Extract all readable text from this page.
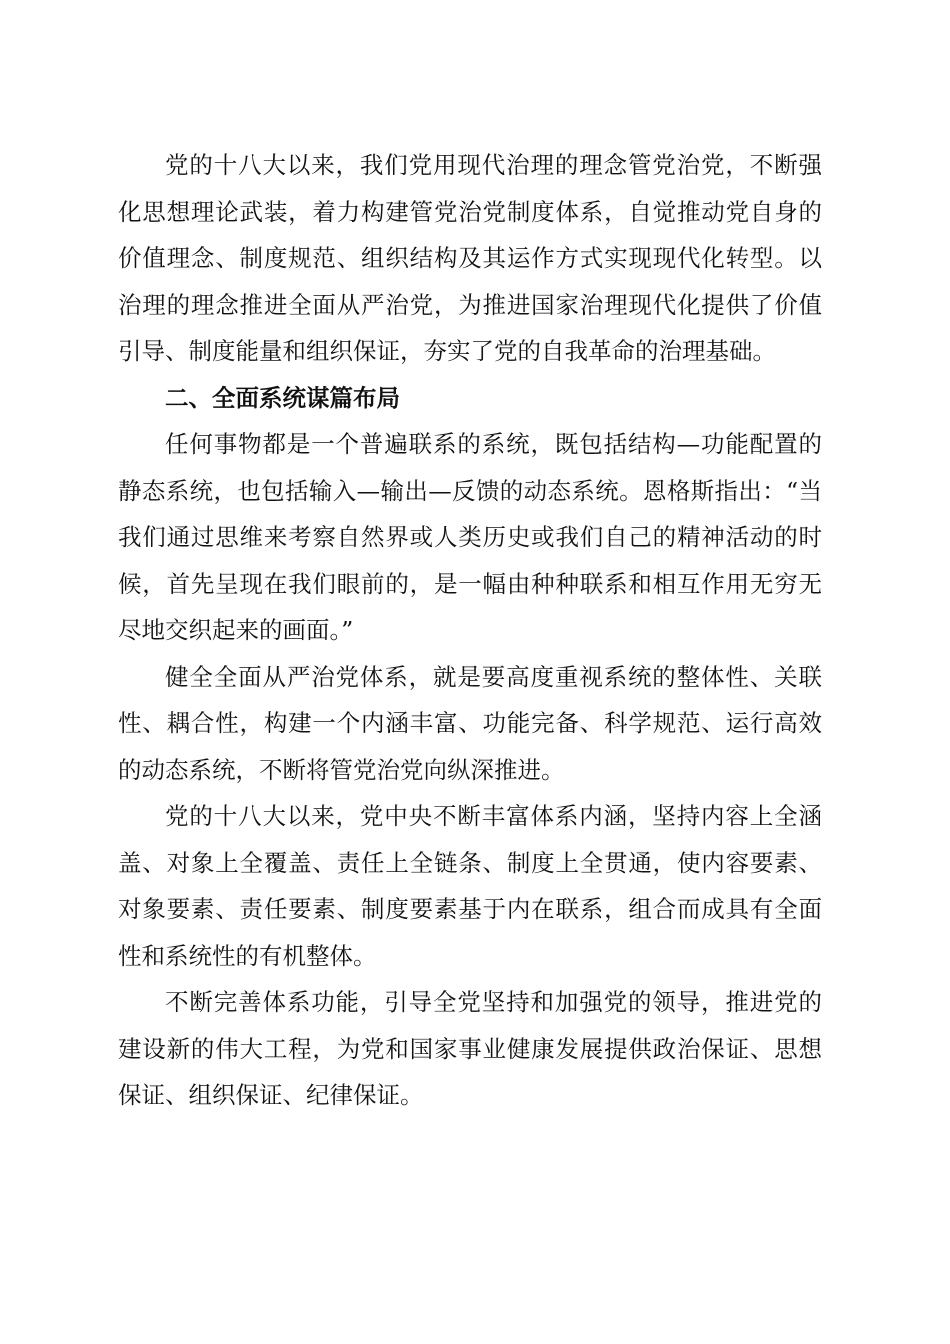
党的十八大以来，我们党用现代治理的理念管党治党，不断强化思想理论武装，着力构建管党治党制度体系，自觉推动党自身的价值理念、制度规范、组织结构及其运作方式实现现代化转型。以治理的理念推进全面从严治党，为推进国家治理现代化提供了价值引导、制度能量和组织保证，夯实了党的自我革命的治理基础。

二、全面系统谋篇布局

任何事物都是一个普遍联系的系统，既包括结构—功能配置的静态系统，也包括输入—输出—反馈的动态系统。恩格斯指出：“当我们通过思维来考察自然界或人类历史或我们自己的精神活动的时候，首先呈现在我们眼前的，是一幅由种种联系和相互作用无穷无尽地交织起来的画面。”

健全全面从严治党体系，就是要高度重视系统的整体性、关联性、耦合性，构建一个内涵丰富、功能完备、科学规范、运行高效的动态系统，不断将管党治党向纵深推进。

党的十八大以来，党中央不断丰富体系内涵，坚持内容上全涵盖、对象上全覆盖、责任上全链条、制度上全贯通，使内容要素、对象要素、责任要素、制度要素基于内在联系，组合而成具有全面性和系统性的有机整体。

不断完善体系功能，引导全党坚持和加强党的领导，推进党的建设新的伟大工程，为党和国家事业健康发展提供政治保证、思想保证、组织保证、纪律保证。
